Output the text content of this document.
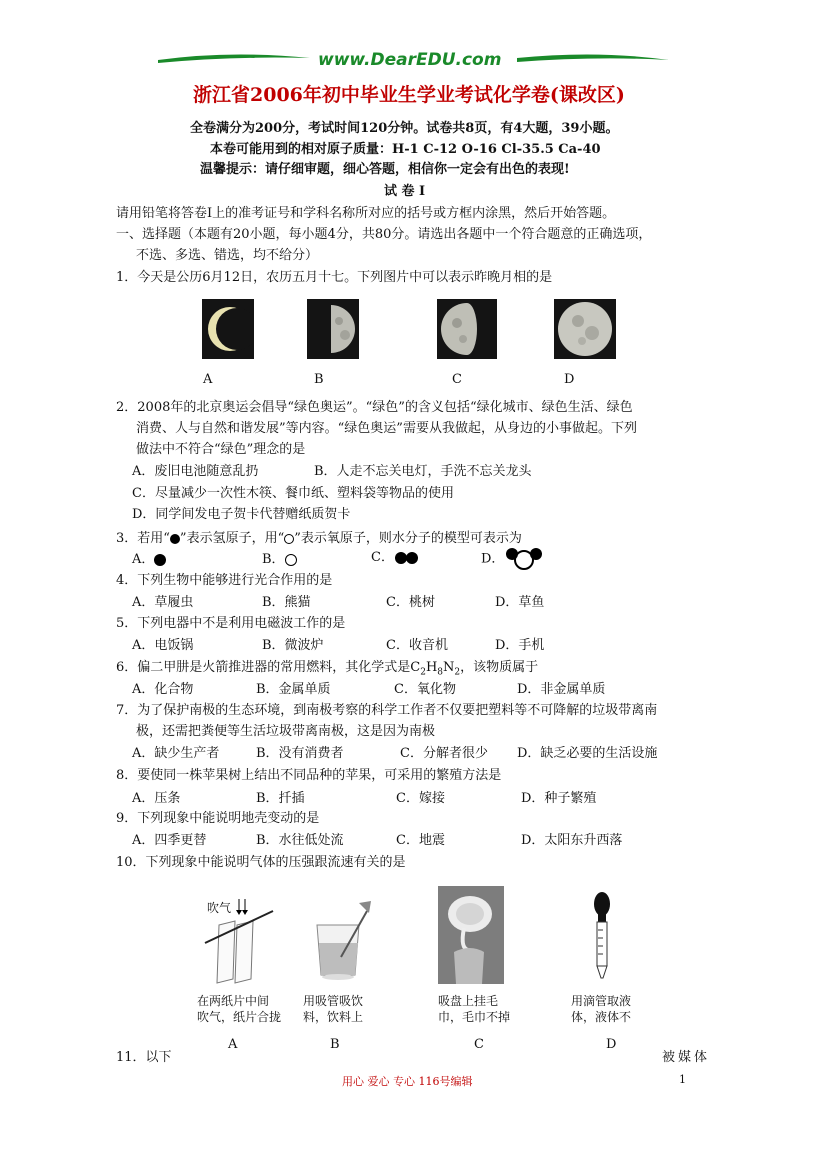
www.DearEDU.com
浙江省2006年初中毕业生学业考试化学卷(课改区)
全卷满分为200分，考试时间120分钟。试卷共8页，有4大题，39小题。
本卷可能用到的相对原子质量：H-1 C-12 O-16 Cl-35.5 Ca-40
温馨提示：请仔细审题，细心答题，相信你一定会有出色的表现!
试 卷 Ⅰ
请用铅笔将答卷Ⅰ上的准考证号和学科名称所对应的括号或方框内涂黑，然后开始答题。
一、选择题（本题有20小题，每小题4分，共80分。请选出各题中一个符合题意的正确选项，
不选、多选、错选，均不给分）
1．今天是公历6月12日，农历五月十七。下列图片中可以表示昨晚月相的是
A	B	C	D
2．2008年的北京奥运会倡导“绿色奥运”。“绿色”的含义包括“绿化城市、绿色生活、绿色
消费、人与自然和谐发展”等内容。“绿色奥运”需要从我做起，从身边的小事做起。下列
做法中不符合“绿色”理念的是
A．废旧电池随意乱扔	B．人走不忘关电灯，手洗不忘关龙头
C．尽量减少一次性木筷、餐巾纸、塑料袋等物品的使用
D．同学间发电子贺卡代替赠纸质贺卡
3．若用“ ”表示氢原子，用“ ”表示氧原子，则水分子的模型可表示为
A．	B．	C．	D．
4．下列生物中能够进行光合作用的是
A．草履虫	B．熊猫	C．桃树	D．草鱼
5．下列电器中不是利用电磁波工作的是
A．电饭锅	B．微波炉	C．收音机	D．手机
6．偏二甲肼是火箭推进器的常用燃料，其化学式是$C_2H_8N_2$，该物质属于
A．化合物	B．金属单质	C．氧化物	D．非金属单质
7．为了保护南极的生态环境，到南极考察的科学工作者不仅要把塑料等不可降解的垃圾带离南
极，还需把粪便等生活垃圾带离南极，这是因为南极
A．缺少生产者	B．没有消费者	C．分解者很少 D．缺乏必要的生活设施
8．要使同一株苹果树上结出不同品种的苹果，可采用的繁殖方法是
A．压条	B．扦插	C．嫁接	D．种子繁殖
9．下列现象中能说明地壳变动的是
A．四季更替	B．水往低处流	C．地震	D．太阳东升西落
10．下列现象中能说明气体的压强跟流速有关的是
吹气
在两纸片中间
吹气，纸片合拢
用吸管吸饮
料，饮料上
吸盘上挂毛
巾，毛巾不掉
用滴管取液
体，液体不
A	B	C	D
11．以下	被媒体
用心 爱心 专心 116号编辑	1
